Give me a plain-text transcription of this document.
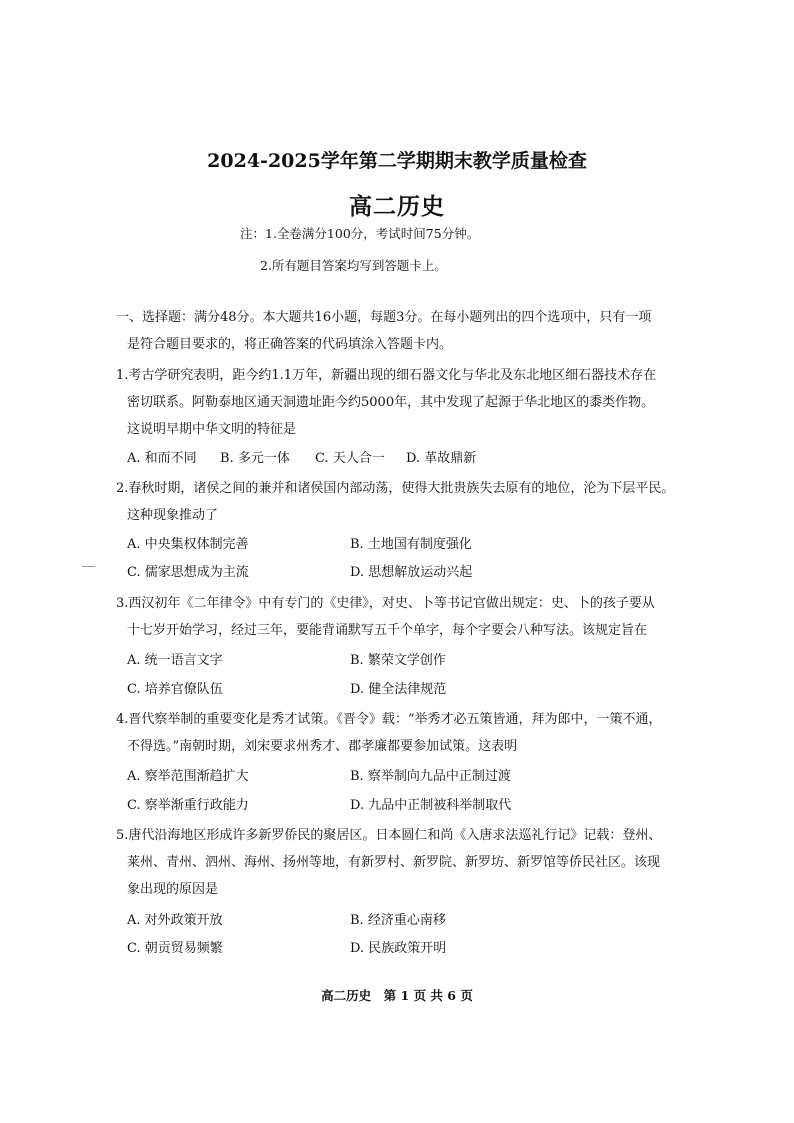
2024-2025学年第二学期期末教学质量检查
高二历史
注：1.全卷满分100分，考试时间75分钟。
2.所有题目答案均写到答题卡上。
一、选择题：满分48分。本大题共16小题，每题3分。在每小题列出的四个选项中，只有一项
是符合题目要求的，将正确答案的代码填涂入答题卡内。
1.考古学研究表明，距今约1.1万年，新疆出现的细石器文化与华北及东北地区细石器技术存在
密切联系。阿勒泰地区通天洞遗址距今约5000年，其中发现了起源于华北地区的黍类作物。
这说明早期中华文明的特征是
A. 和而不同 B. 多元一体 C. 天人合一 D. 革故鼎新
2.春秋时期，诸侯之间的兼并和诸侯国内部动荡，使得大批贵族失去原有的地位，沦为下层平民。
这种现象推动了
A. 中央集权体制完善	B. 土地国有制度强化
C. 儒家思想成为主流	D. 思想解放运动兴起
3.西汉初年《二年律令》中有专门的《史律》，对史、卜等书记官做出规定：史、卜的孩子要从
十七岁开始学习，经过三年，要能背诵默写五千个单字，每个字要会八种写法。该规定旨在
A. 统一语言文字	B. 繁荣文学创作
C. 培养官僚队伍	D. 健全法律规范
4.晋代察举制的重要变化是秀才试策。《晋令》载：“举秀才必五策皆通，拜为郎中，一策不通，
不得选。”南朝时期，刘宋要求州秀才、郡孝廉都要参加试策。这表明
A. 察举范围渐趋扩大	B. 察举制向九品中正制过渡
C. 察举渐重行政能力	D. 九品中正制被科举制取代
5.唐代沿海地区形成许多新罗侨民的聚居区。日本圆仁和尚《入唐求法巡礼行记》记载：登州、
莱州、青州、泗州、海州、扬州等地，有新罗村、新罗院、新罗坊、新罗馆等侨民社区。该现
象出现的原因是
A. 对外政策开放	B. 经济重心南移
C. 朝贡贸易频繁	D. 民族政策开明
高二历史　第 1 页 共 6 页
